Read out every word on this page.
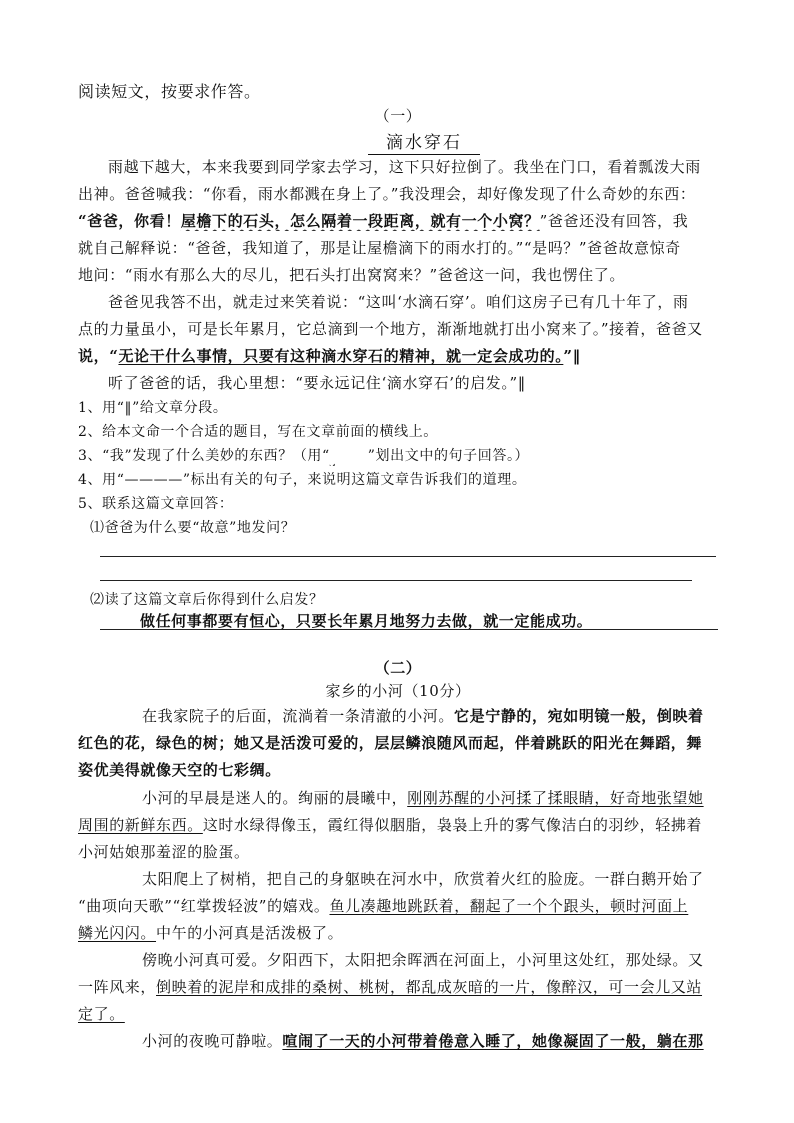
阅读短文，按要求作答。
（一）
滴水穿石
雨越下越大，本来我要到同学家去学习，这下只好拉倒了。我坐在门口，看着瓢泼大雨
出神。爸爸喊我：“你看，雨水都溅在身上了。”我没理会，却好像发现了什么奇妙的东西：
“爸爸，你看！屋檐下的石头，怎么隔着一段距离，就有一个小窝？”爸爸还没有回答，我
就自己解释说：“爸爸，我知道了，那是让屋檐滴下的雨水打的。”“是吗？”爸爸故意惊奇
地问：“雨水有那么大的尽儿，把石头打出窝窝来？”爸爸这一问，我也愣住了。
爸爸见我答不出，就走过来笑着说：“这叫‘水滴石穿’。咱们这房子已有几十年了，雨
点的力量虽小，可是长年累月，它总滴到一个地方，渐渐地就打出小窝来了。”接着，爸爸又
说，“无论干什么事情，只要有这种滴水穿石的精神，就一定会成功的。”‖
听了爸爸的话，我心里想：“要永远记住‘滴水穿石’的启发。”‖
1、用“‖”给文章分段。
2、给本文命一个合适的题目，写在文章前面的横线上。
3、“我”发现了什么美妙的东西？（用“	”划出文中的句子回答。）
4、用“————”标出有关的句子，来说明这篇文章告诉我们的道理。
5、联系这篇文章回答：
⑴爸爸为什么要“故意”地发问？
⑵读了这篇文章后你得到什么启发？
做任何事都要有恒心，只要长年累月地努力去做，就一定能成功。
（二）
家乡的小河（10分）
在我家院子的后面，流淌着一条清澈的小河。它是宁静的，宛如明镜一般，倒映着
红色的花，绿色的树；她又是活泼可爱的，层层鳞浪随风而起，伴着跳跃的阳光在舞蹈，舞
姿优美得就像天空的七彩绸。
小河的早晨是迷人的。绚丽的晨曦中，刚刚苏醒的小河揉了揉眼睛，好奇地张望她
周围的新鲜东西。这时水绿得像玉，霞红得似胭脂，袅袅上升的雾气像洁白的羽纱，轻拂着
小河姑娘那羞涩的脸蛋。
太阳爬上了树梢，把自己的身躯映在河水中，欣赏着火红的脸庞。一群白鹅开始了
“曲项向天歌”“红掌拨轻波”的嬉戏。鱼儿凑趣地跳跃着，翻起了一个个跟头，顿时河面上
鳞光闪闪。中午的小河真是活泼极了。
傍晚小河真可爱。夕阳西下，太阳把余晖洒在河面上，小河里这处红，那处绿。又
一阵风来，倒映着的泥岸和成排的桑树、桃树，都乱成灰暗的一片，像醉汉，可一会儿又站
定了。
小河的夜晚可静啦。喧闹了一天的小河带着倦意入睡了，她像凝固了一般，躺在那
